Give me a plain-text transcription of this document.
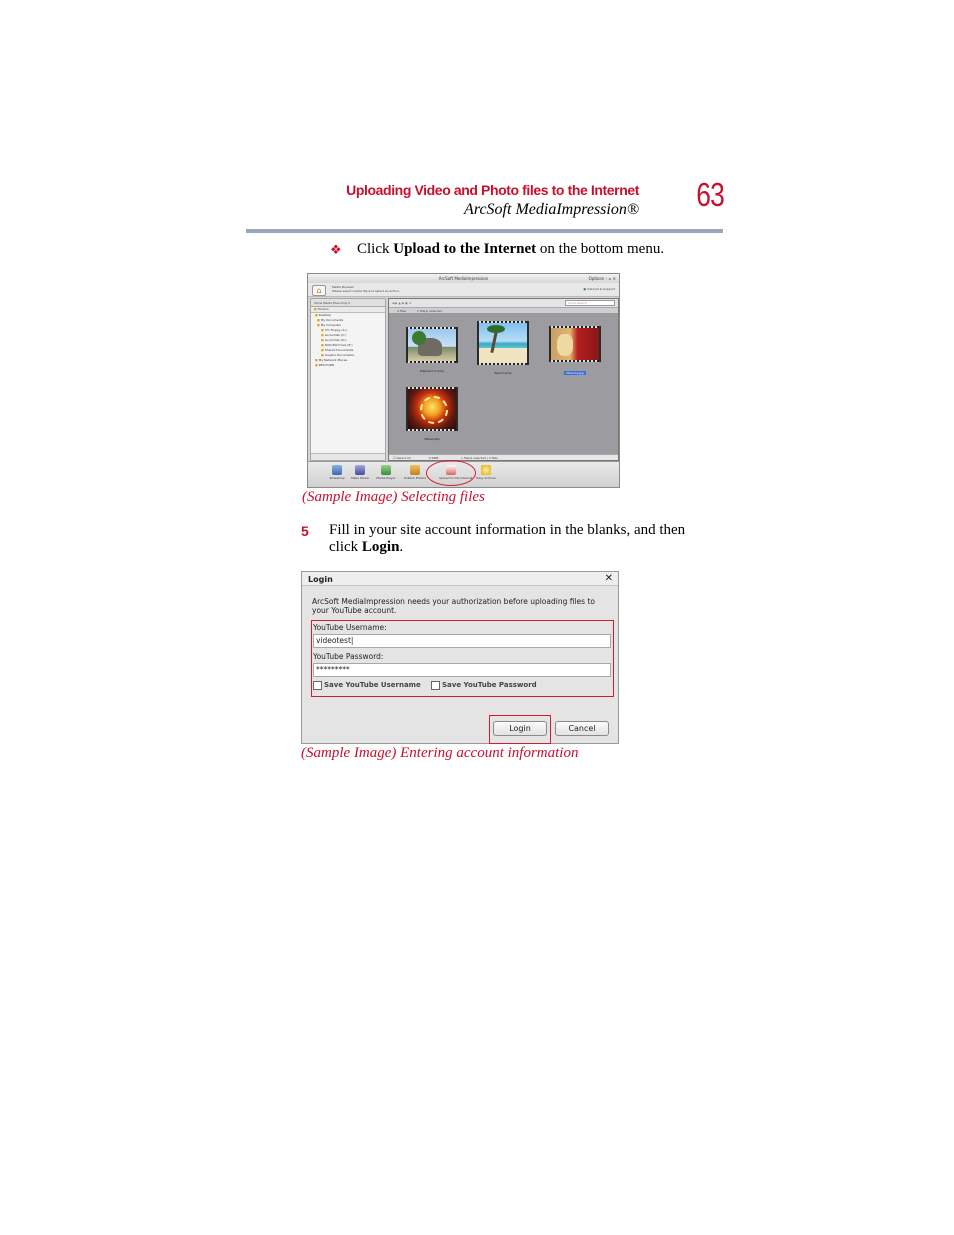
Uploading Video and Photo files to the Internet
ArcSoft MediaImpression® 63
❖ Click Upload to the Internet on the bottom menu.
ArcSoft MediaImpression	Options – ▫ ✕
⌂	Media Browser
Please select media file and select an action.	● Internet & Support
Show Media Files Only ▾
■ Folders
■ Desktop
■ My Documents
■ My Computer
■ 3½ Floppy (A:)
■ Local Disk (C:)
■ Local Disk (D:)
■ DVD-RW Drive (E:)
■ Shared Documents
■ Guest's Documents
■ My Network Places
■ RECYCLER

◀ ▶ ▲ ◆ ▣ ≡	Local search
4 files	1 file(s) selected
Elephant C.bmp	Beach.bmp	Mummy.jpg
Wheel.JPG
☑ Select All	0.6MB	1 file(s) selected | 4 files
Slideshow	Make Movie	Media Player	Publish Photos	Upload to the Internet	Easy Archive
(Sample Image) Selecting files
5 Fill in your site account information in the blanks, and then click Login.
Login	✕
ArcSoft MediaImpression needs your authorization before uploading files to your YouTube account.
YouTube Username:
videotest|
YouTube Password:
*********
Save YouTube Username	Save YouTube Password
Login	Cancel
(Sample Image) Entering account information
